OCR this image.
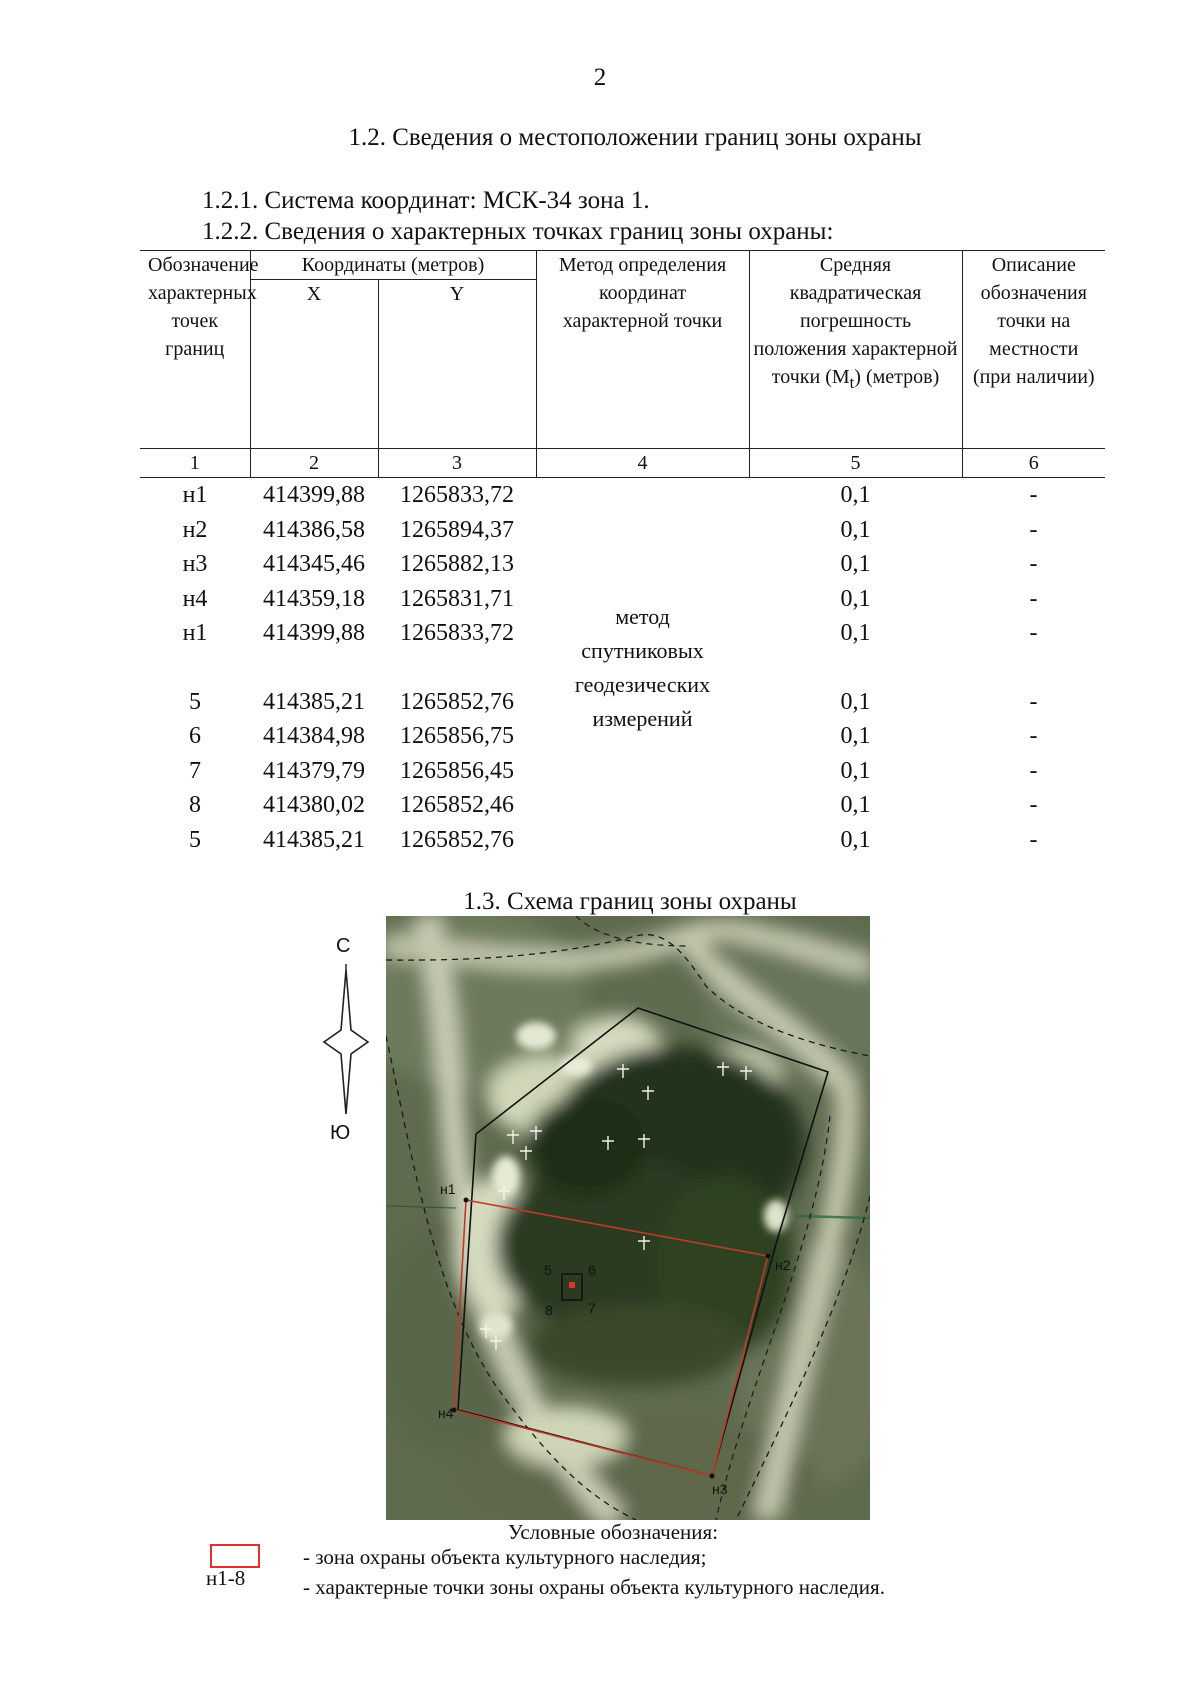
2
1.2. Сведения о местоположении границ зоны охраны
1.2.1. Система координат: МСК-34 зона 1.
1.2.2. Сведения о характерных точках границ зоны охраны:
Обозначение характерных точек границ	Координаты (метров)		Метод определения координат характерной точки	Средняя квадратическая погрешность положения характерной точки $(M_t)$ (метров)	Описание обозначения точки на местности (при наличии)
	X	Y			
1	2	3	4	5	6
н1	414399,88	1265833,72	метод спутниковых геодезических измерений	0,1	-
н2	414386,58	1265894,37		0,1	-
н3	414345,46	1265882,13		0,1	-
н4	414359,18	1265831,71		0,1	-
н1	414399,88	1265833,72		0,1	-

5	414385,21	1265852,76		0,1	-
6	414384,98	1265856,75		0,1	-
7	414379,79	1265856,45		0,1	-
8	414380,02	1265852,46		0,1	-
5	414385,21	1265852,76		0,1	-
1.3. Схема границ зоны охраны
С
Ю
н1
н2
н3
н4
5	6
7
8
Условные обозначения:
н1-8
- зона охраны объекта культурного наследия;
- характерные точки зоны охраны объекта культурного наследия.
